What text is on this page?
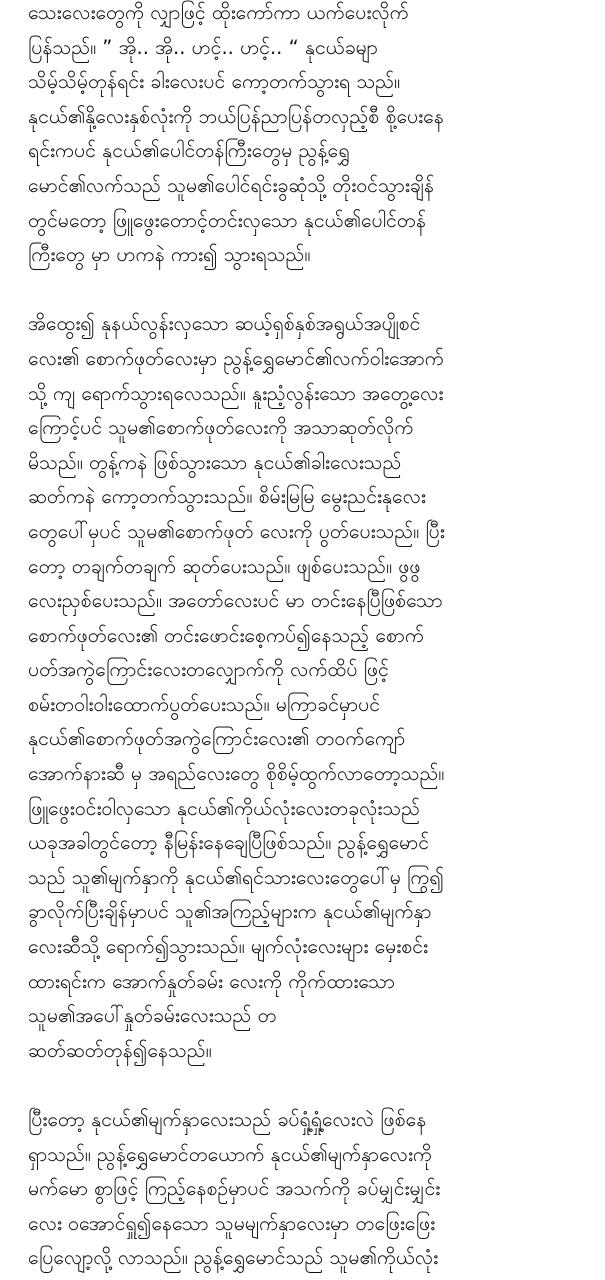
သေးလေးတွေကို လျှာဖြင့် ထိုးကော်ကာ ယက်ပေးလိုက်
ပြန်သည်။ ” အို.. အို.. ဟင့်.. ဟင့်.. “ နုငယ်ခမျာ
သိမ့်သိမ့်တုန်ရင်း ခါးလေးပင် ကော့တက်သွားရ သည်။
နုငယ်၏နို့လေးနှစ်လုံးကို ဘယ်ပြန်ညာပြန်တလှည့်စီ စို့ပေးနေ
ရင်းကပင် နုငယ်၏ပေါင်တန်ကြီးတွေမှ ညွန့်ရွှေ
မောင်၏လက်သည် သူမ၏ပေါင်ရင်းခွဆုံသို့ တိုးဝင်သွားချိန်
တွင်မတော့ ဖြူဖွေးတောင့်တင်းလှသော နုငယ်၏ပေါင်တန်
ကြီးတွေ မှာ ဟကနဲ ကား၍ သွားရသည်။

အိထွေး၍ နုနယ်လွန်းလှသော ဆယ့်ရှစ်နှစ်အရွယ်အပျိုစင်
လေး၏ စောက်ဖုတ်လေးမှာ ညွန့်ရွှေမောင်၏လက်ဝါးအောက်
သို့ ကျ ရောက်သွားရလေသည်။ နူးညံ့လွန်းသော အတွေ့လေး
ကြောင့်ပင် သူမ၏စောက်ဖုတ်လေးကို အသာဆုတ်လိုက်
မိသည်။ တွန့်ကနဲ ဖြစ်သွားသော နုငယ်၏ခါးလေးသည်
ဆတ်ကနဲ ကော့တက်သွားသည်။ စိမ်းမြမြ မွေးညင်းနုလေး
တွေပေါ်မှပင် သူမ၏စောက်ဖုတ် လေးကို ပွတ်ပေးသည်။ ပြီး
တော့ တချက်တချက် ဆုတ်ပေးသည်။ ဖျစ်ပေးသည်။ ဖွဖွ
လေးညှစ်ပေးသည်။ အတော်လေးပင် မာ တင်းနေပြီဖြစ်သော
စောက်ဖုတ်လေး၏ တင်းဖောင်းစေ့ကပ်၍နေသည့် စောက်
ပတ်အကွဲကြောင်းလေးတလျှောက်ကို လက်ထိပ် ဖြင့်
စမ်းတဝါးဝါးထောက်ပွတ်ပေးသည်။ မကြာခင်မှာပင်
နုငယ်၏စောက်ဖုတ်အကွဲကြောင်းလေး၏ တဝက်ကျော်
အောက်နားဆီ မှ အရည်လေးတွေ စိုစိမ့်ထွက်လာတော့သည်။
ဖြူဖွေးဝင်းဝါလှသော နုငယ်၏ကိုယ်လုံးလေးတခုလုံးသည်
ယခုအခါတွင်တော့ နီမြန်းနေချေပြီဖြစ်သည်။ ညွန့်ရွှေမောင်
သည် သူ၏မျက်နှာကို နုငယ်၏ရင်သားလေးတွေပေါ်မှ ကြွ၍
ခွာလိုက်ပြီးချိန်မှာပင် သူ၏အကြည့်များက နုငယ်၏မျက်နှာ
လေးဆီသို့ ရောက်၍သွားသည်။ မျက်လုံးလေးများ မှေးစင်း
ထားရင်းက အောက်နှုတ်ခမ်း လေးကို ကိုက်ထားသော
သူမ၏အပေါ်နှုတ်ခမ်းလေးသည် တ
ဆတ်ဆတ်တုန်၍နေသည်။

ပြီးတော့ နုငယ်၏မျက်နှာလေးသည် ခပ်ရှုံ့ရှုံ့လေးလဲ ဖြစ်နေ
ရှာသည်။ ညွန့်ရွှေမောင်တယောက် နုငယ်၏မျက်နှာလေးကို
မက်မော စွာဖြင့် ကြည့်နေစဉ်မှာပင် အသက်ကို ခပ်မျှင်းမျှင်း
လေး ဝအောင်ရှူ၍နေသော သူမမျက်နှာလေးမှာ တဖြေးဖြေး
ပြေလျော့လို့ လာသည်။ ညွန့်ရွှေမောင်သည် သူမ၏ကိုယ်လုံး
